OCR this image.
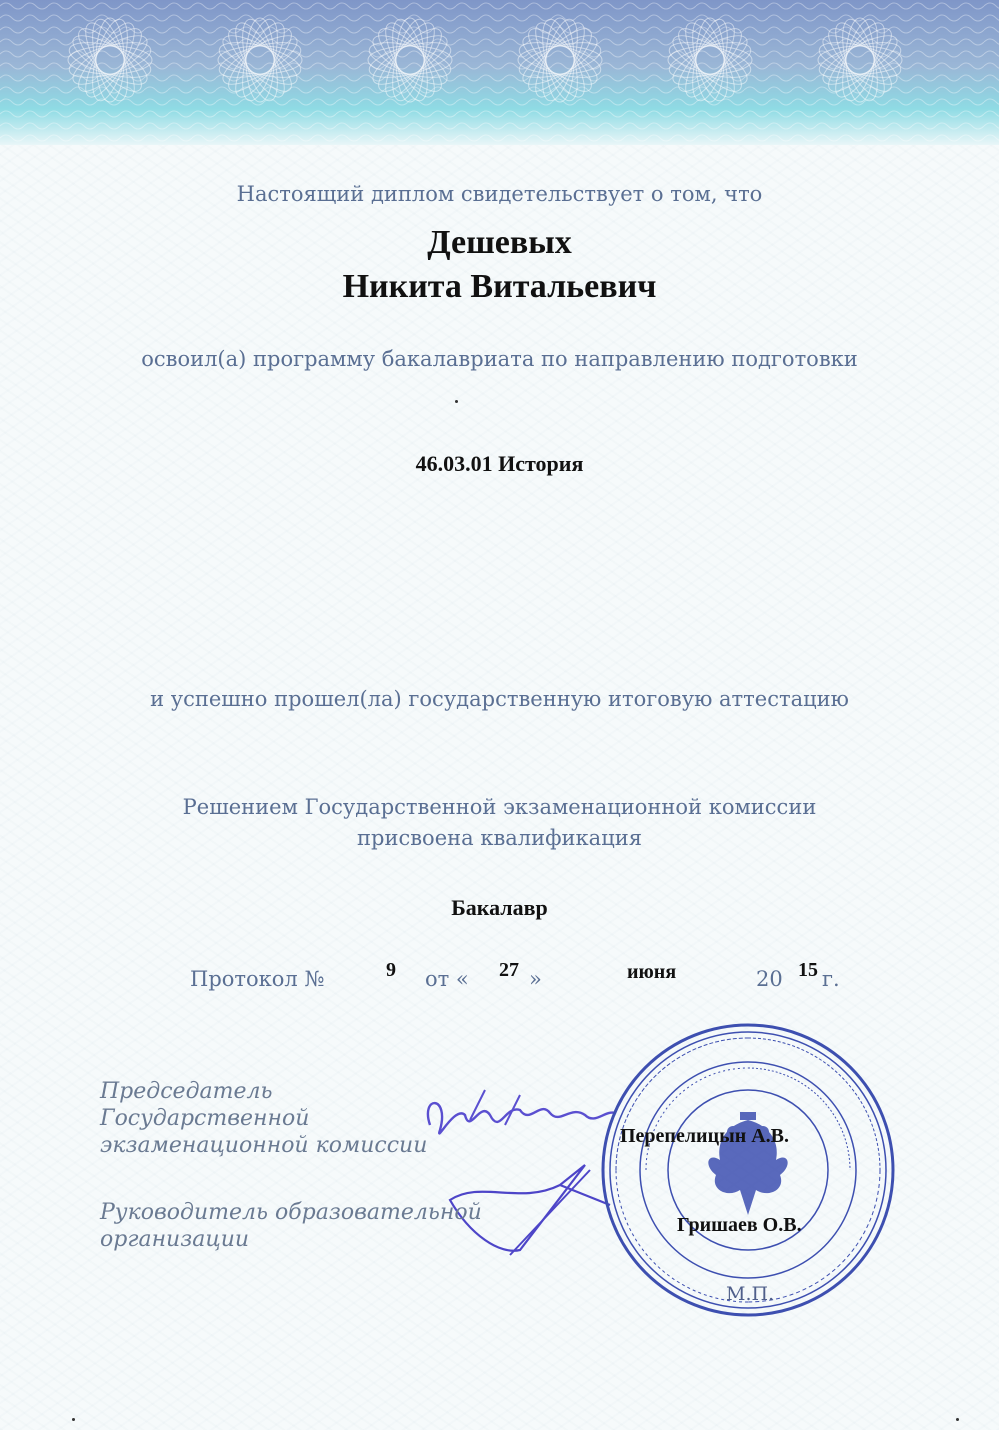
Настоящий диплом свидетельствует о том, что
Дешевых
Никита Витальевич
освоил(а) программу бакалавриата по направлению подготовки
46.03.01 История
и успешно прошел(ла) государственную итоговую аттестацию
Решением Государственной экзаменационной комиссии
присвоена квалификация
Бакалавр
Протокол №	9 от « 27 »	июня	20 15 г.
Председатель
Государственной
экзаменационной комиссии	Перепелицын А.В.
Руководитель образовательной
организации
Гришаев О.В.
М.П.
